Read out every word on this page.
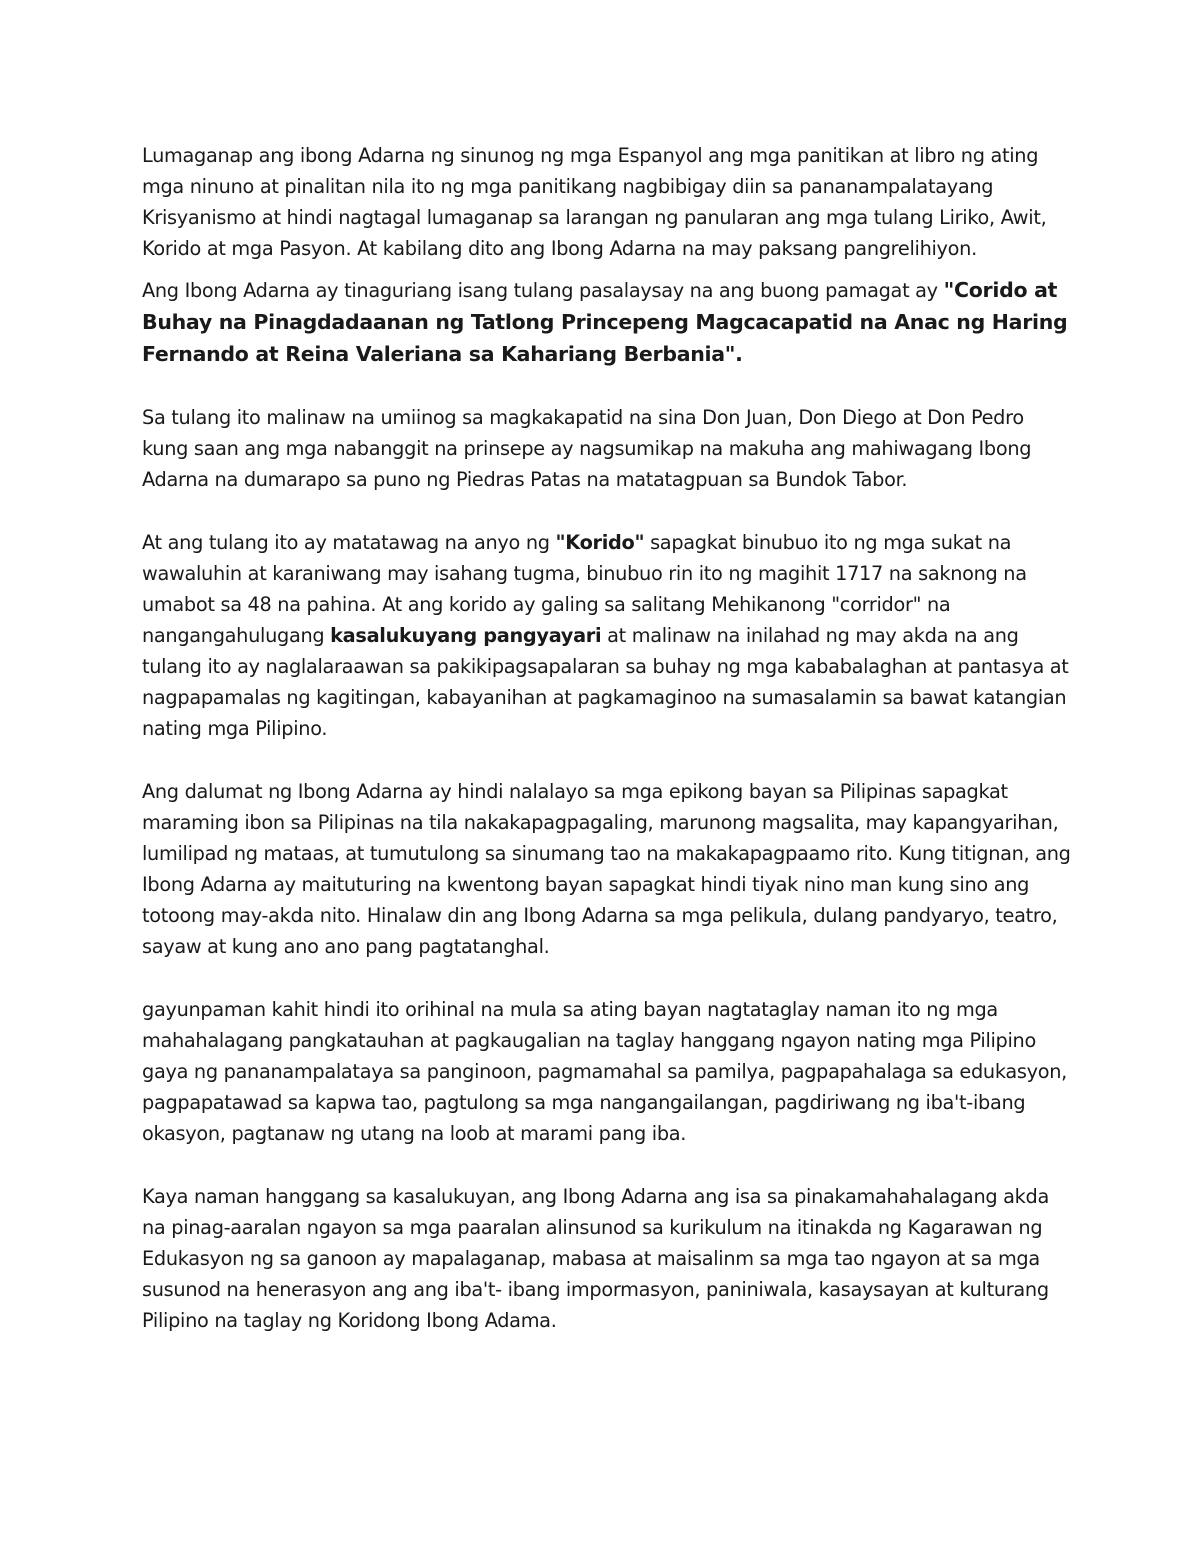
Lumaganap ang ibong Adarna ng sinunog ng mga Espanyol ang mga panitikan at libro ng ating mga ninuno at pinalitan nila ito ng mga panitikang nagbibigay diin sa pananampalatayang Krisyanismo at hindi nagtagal lumaganap sa larangan ng panularan ang mga tulang Liriko, Awit, Korido at mga Pasyon. At kabilang dito ang Ibong Adarna na may paksang pangrelihiyon.

Ang Ibong Adarna ay tinaguriang isang tulang pasalaysay na ang buong pamagat ay "Corido at Buhay na Pinagdadaanan ng Tatlong Princepeng Magcacapatid na Anac ng Haring Fernando at Reina Valeriana sa Kahariang Berbania".

Sa tulang ito malinaw na umiinog sa magkakapatid na sina Don Juan, Don Diego at Don Pedro kung saan ang mga nabanggit na prinsepe ay nagsumikap na makuha ang mahiwagang Ibong Adarna na dumarapo sa puno ng Piedras Patas na matatagpuan sa Bundok Tabor.

At ang tulang ito ay matatawag na anyo ng "Korido" sapagkat binubuo ito ng mga sukat na wawaluhin at karaniwang may isahang tugma, binubuo rin ito ng magihit 1717 na saknong na umabot sa 48 na pahina. At ang korido ay galing sa salitang Mehikanong "corridor" na nangangahulugang kasalukuyang pangyayari at malinaw na inilahad ng may akda na ang tulang ito ay naglalaraawan sa pakikipagsapalaran sa buhay ng mga kababalaghan at pantasya at nagpapamalas ng kagitingan, kabayanihan at pagkamaginoo na sumasalamin sa bawat katangian nating mga Pilipino.

Ang dalumat ng Ibong Adarna ay hindi nalalayo sa mga epikong bayan sa Pilipinas sapagkat maraming ibon sa Pilipinas na tila nakakapagpagaling, marunong magsalita, may kapangyarihan, lumilipad ng mataas, at tumutulong sa sinumang tao na makakapagpaamo rito. Kung titignan, ang Ibong Adarna ay maituturing na kwentong bayan sapagkat hindi tiyak nino man kung sino ang totoong may-akda nito. Hinalaw din ang Ibong Adarna sa mga pelikula, dulang pandyaryo, teatro, sayaw at kung ano ano pang pagtatanghal.

gayunpaman kahit hindi ito orihinal na mula sa ating bayan nagtataglay naman ito ng mga mahahalagang pangkatauhan at pagkaugalian na taglay hanggang ngayon nating mga Pilipino gaya ng pananampalataya sa panginoon, pagmamahal sa pamilya, pagpapahalaga sa edukasyon, pagpapatawad sa kapwa tao, pagtulong sa mga nangangailangan, pagdiriwang ng iba't-ibang okasyon, pagtanaw ng utang na loob at marami pang iba.

Kaya naman hanggang sa kasalukuyan, ang Ibong Adarna ang isa sa pinakamahahalagang akda na pinag-aaralan ngayon sa mga paaralan alinsunod sa kurikulum na itinakda ng Kagarawan ng Edukasyon ng sa ganoon ay mapalaganap, mabasa at maisalinm sa mga tao ngayon at sa mga susunod na henerasyon ang ang iba't- ibang impormasyon, paniniwala, kasaysayan at kulturang Pilipino na taglay ng Koridong Ibong Adama.
